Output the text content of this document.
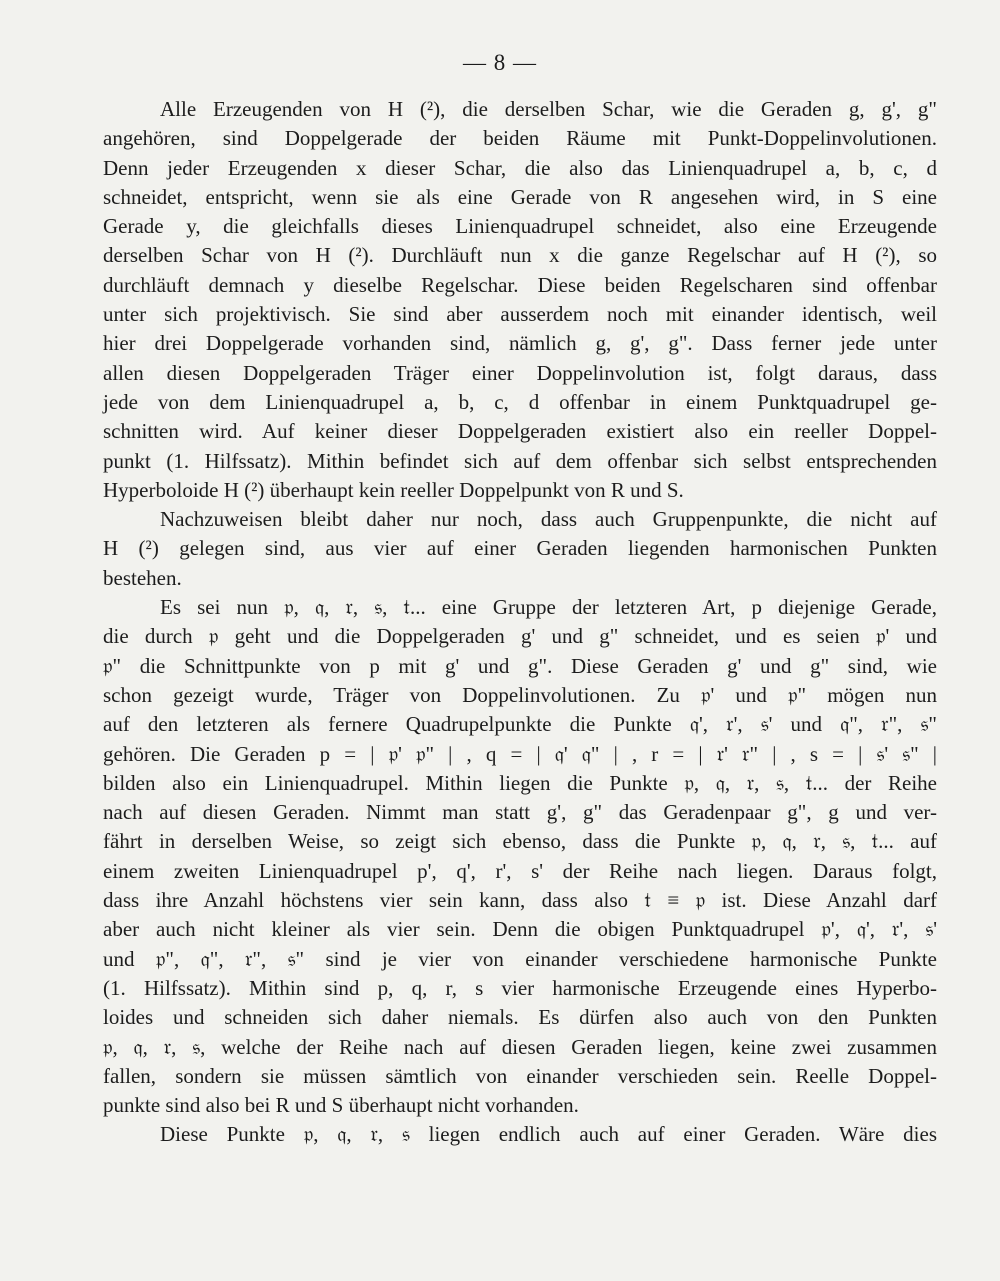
— 8 —
Alle Erzeugenden von H (²), die derselben Schar, wie die Geraden g, g', g"
angehören, sind Doppelgerade der beiden Räume mit Punkt-Doppelinvolutionen.
Denn jeder Erzeugenden x dieser Schar, die also das Linienquadrupel a, b, c, d
schneidet, entspricht, wenn sie als eine Gerade von R angesehen wird, in S eine
Gerade y, die gleichfalls dieses Linienquadrupel schneidet, also eine Erzeugende
derselben Schar von H (²). Durchläuft nun x die ganze Regelschar auf H (²), so
durchläuft demnach y dieselbe Regelschar. Diese beiden Regelscharen sind offenbar
unter sich projektivisch. Sie sind aber ausserdem noch mit einander identisch, weil
hier drei Doppelgerade vorhanden sind, nämlich g, g', g". Dass ferner jede unter
allen diesen Doppelgeraden Träger einer Doppelinvolution ist, folgt daraus, dass
jede von dem Linienquadrupel a, b, c, d offenbar in einem Punktquadrupel ge-
schnitten wird. Auf keiner dieser Doppelgeraden existiert also ein reeller Doppel-
punkt (1. Hilfssatz). Mithin befindet sich auf dem offenbar sich selbst entsprechenden
Hyperboloide H (²) überhaupt kein reeller Doppelpunkt von R und S.
Nachzuweisen bleibt daher nur noch, dass auch Gruppenpunkte, die nicht auf
H (²) gelegen sind, aus vier auf einer Geraden liegenden harmonischen Punkten
bestehen.
Es sei nun 𝔭, 𝔮, 𝔯, 𝔰, 𝔱... eine Gruppe der letzteren Art, p diejenige Gerade,
die durch 𝔭 geht und die Doppelgeraden g' und g" schneidet, und es seien 𝔭' und
𝔭" die Schnittpunkte von p mit g' und g". Diese Geraden g' und g" sind, wie
schon gezeigt wurde, Träger von Doppelinvolutionen. Zu 𝔭' und 𝔭" mögen nun
auf den letzteren als fernere Quadrupelpunkte die Punkte 𝔮', 𝔯', 𝔰' und 𝔮", 𝔯", 𝔰"
gehören. Die Geraden p = | 𝔭' 𝔭" | , q = | 𝔮' 𝔮" | , r = | 𝔯' 𝔯" | , s = | 𝔰' 𝔰" |
bilden also ein Linienquadrupel. Mithin liegen die Punkte 𝔭, 𝔮, 𝔯, 𝔰, 𝔱... der Reihe
nach auf diesen Geraden. Nimmt man statt g', g" das Geradenpaar g", g und ver-
fährt in derselben Weise, so zeigt sich ebenso, dass die Punkte 𝔭, 𝔮, 𝔯, 𝔰, 𝔱... auf
einem zweiten Linienquadrupel p', q', r', s' der Reihe nach liegen. Daraus folgt,
dass ihre Anzahl höchstens vier sein kann, dass also 𝔱 ≡ 𝔭 ist. Diese Anzahl darf
aber auch nicht kleiner als vier sein. Denn die obigen Punktquadrupel 𝔭', 𝔮', 𝔯', 𝔰'
und 𝔭", 𝔮", 𝔯", 𝔰" sind je vier von einander verschiedene harmonische Punkte
(1. Hilfssatz). Mithin sind p, q, r, s vier harmonische Erzeugende eines Hyperbo-
loides und schneiden sich daher niemals. Es dürfen also auch von den Punkten
𝔭, 𝔮, 𝔯, 𝔰, welche der Reihe nach auf diesen Geraden liegen, keine zwei zusammen
fallen, sondern sie müssen sämtlich von einander verschieden sein. Reelle Doppel-
punkte sind also bei R und S überhaupt nicht vorhanden.
Diese Punkte 𝔭, 𝔮, 𝔯, 𝔰 liegen endlich auch auf einer Geraden. Wäre dies
